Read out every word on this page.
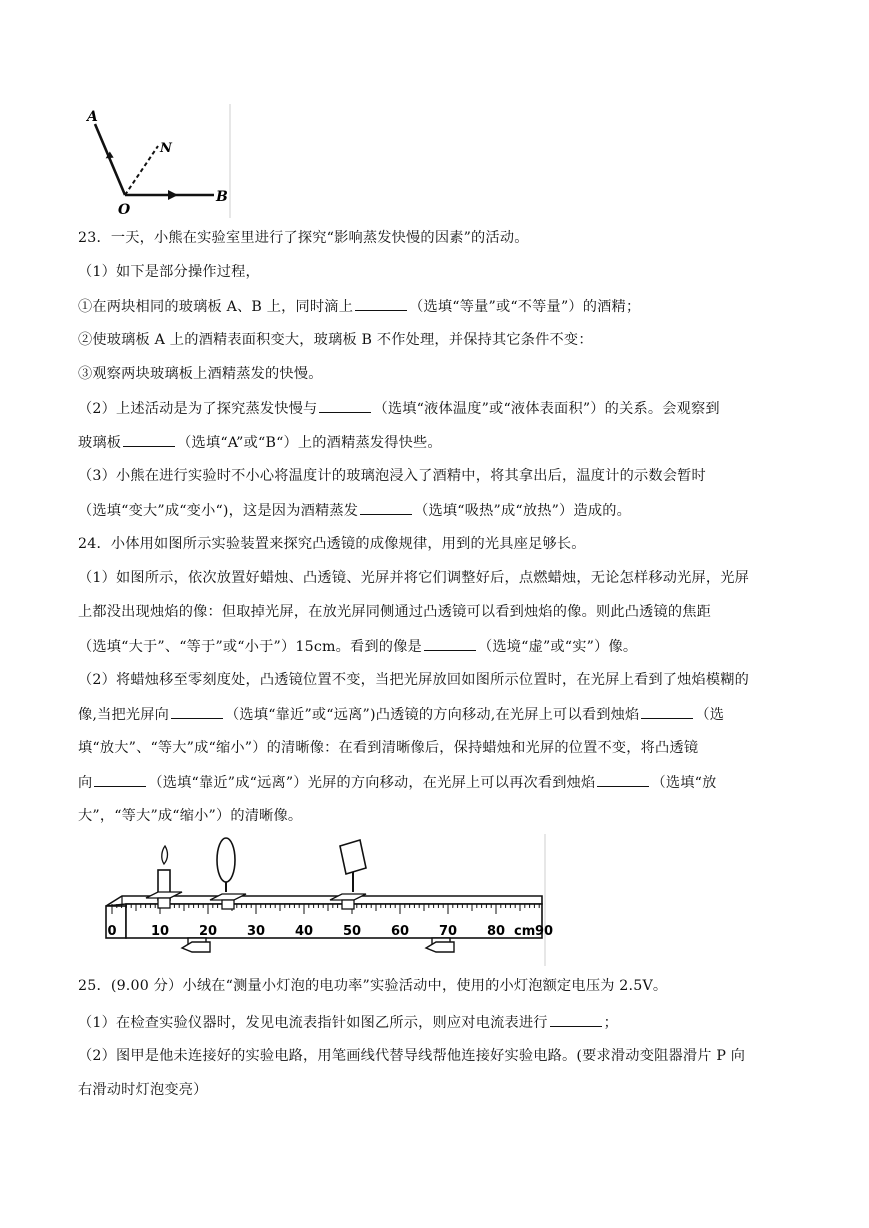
A
N
O
B
23．一天，小熊在实验室里进行了探究“影响蒸发快慢的因素”的活动。
（1）如下是部分操作过程，
①在两块相同的玻璃板 A、B 上，同时滴上	（选填“等量”或“不等量”）的酒精；
②使玻璃板 A 上的酒精表面积变大，玻璃板 B 不作处理，并保持其它条件不变：
③观察两块玻璃板上酒精蒸发的快慢。
（2）上述活动是为了探究蒸发快慢与	（选填“液体温度”或“液体表面积”）的关系。会观察到
玻璃板	（选填“A”或“B“）上的酒精蒸发得快些。
（3）小熊在进行实验时不小心将温度计的玻璃泡浸入了酒精中，将其拿出后，温度计的示数会暂时
（选填“变大”成“变小“)，这是因为酒精蒸发	（选填“吸热”成“放热”）造成的。
24．小体用如图所示实验装置来探究凸透镜的成像规律，用到的光具座足够长。
（1）如图所示，依次放置好蜡烛、凸透镜、光屏并将它们调整好后，点燃蜡烛，无论怎样移动光屏，光屏
上都没出现烛焰的像：但取掉光屏，在放光屏同侧通过凸透镜可以看到烛焰的像。则此凸透镜的焦距
（选填“大于”、“等于”或“小于”）15cm。看到的像是	（选境“虚”或“实”）像。
（2）将蜡烛移至零刻度处，凸透镜位置不变，当把光屏放回如图所示位置时，在光屏上看到了烛焰模糊的
像,当把光屏向	（选填“靠近”或“远离”)凸透镜的方向移动,在光屏上可以看到烛焰	（选
填“放大”、“等大”成“缩小”）的清晰像：在看到清晰像后，保持蜡烛和光屏的位置不变，将凸透镜
向	（选填“靠近”成“远离”）光屏的方向移动，在光屏上可以再次看到烛焰	（选填“放
大”，“等大”成“缩小”）的清晰像。
0	10 20 30 40 50 60 70 80 90
cm
25．(9.00 分）小绒在“测量小灯泡的电功率”实验活动中，使用的小灯泡额定电压为 2.5V。
（1）在检查实验仪器时，发见电流表指针如图乙所示，则应对电流表进行	；
（2）图甲是他未连接好的实验电路，用笔画线代替导线帮他连接好实验电路。(要求滑动变阻器滑片 P 向
右滑动时灯泡变亮）
